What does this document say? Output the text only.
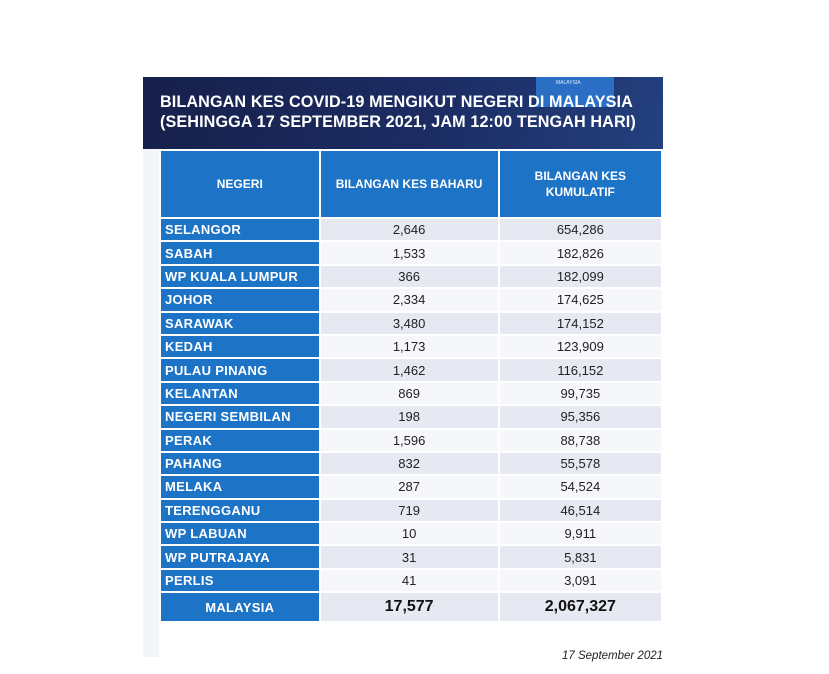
MALAYSIA
BILANGAN KES COVID-19 MENGIKUT NEGERI DI MALAYSIA
(SEHINGGA 17 SEPTEMBER 2021, JAM 12:00 TENGAH HARI)
NEGERI	BILANGAN KES BAHARU	BILANGAN KES
KUMULATIF
SELANGOR	2,646	654,286
SABAH	1,533	182,826
WP KUALA LUMPUR	366	182,099
JOHOR	2,334	174,625
SARAWAK	3,480	174,152
KEDAH	1,173	123,909
PULAU PINANG	1,462	116,152
KELANTAN	869	99,735
NEGERI SEMBILAN	198	95,356
PERAK	1,596	88,738
PAHANG	832	55,578
MELAKA	287	54,524
TERENGGANU	719	46,514
WP LABUAN	10	9,911
WP PUTRAJAYA	31	5,831
PERLIS	41	3,091
MALAYSIA	17,577	2,067,327
17 September 2021
